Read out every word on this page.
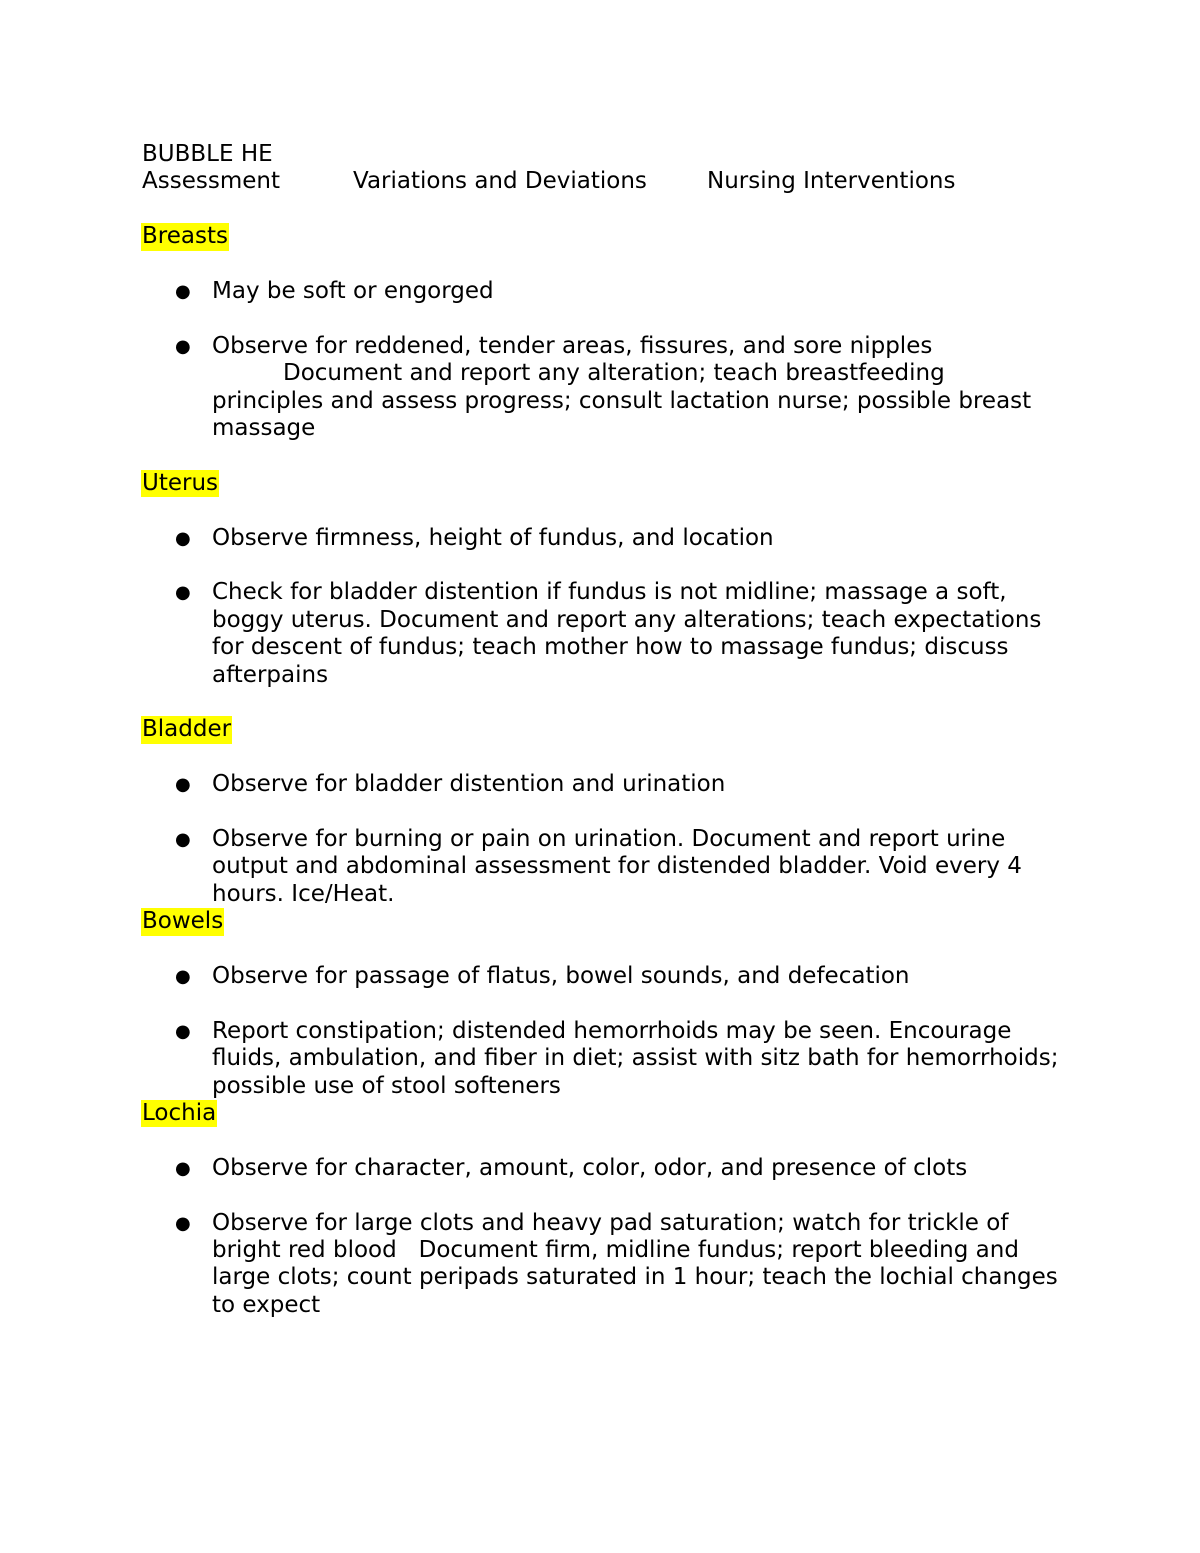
BUBBLE HE
Assessment	Variations and Deviations	Nursing Interventions
Breasts
● May be soft or engorged
● Observe for reddened, tender areas, fissures, and sore nipples
Document and report any alteration; teach breastfeeding principles and assess progress; consult lactation nurse; possible breast massage
Uterus
● Observe firmness, height of fundus, and location
● Check for bladder distention if fundus is not midline; massage a soft, boggy uterus. Document and report any alterations; teach expectations for descent of fundus; teach mother how to massage fundus; discuss afterpains
Bladder
● Observe for bladder distention and urination
● Observe for burning or pain on urination. Document and report urine output and abdominal assessment for distended bladder. Void every 4 hours. Ice/Heat.
Bowels
● Observe for passage of flatus, bowel sounds, and defecation
● Report constipation; distended hemorrhoids may be seen. Encourage fluids, ambulation, and fiber in diet; assist with sitz bath for hemorrhoids; possible use of stool softeners
Lochia
● Observe for character, amount, color, odor, and presence of clots
● Observe for large clots and heavy pad saturation; watch for trickle of bright red blood   Document firm, midline fundus; report bleeding and large clots; count peripads saturated in 1 hour; teach the lochial changes to expect
